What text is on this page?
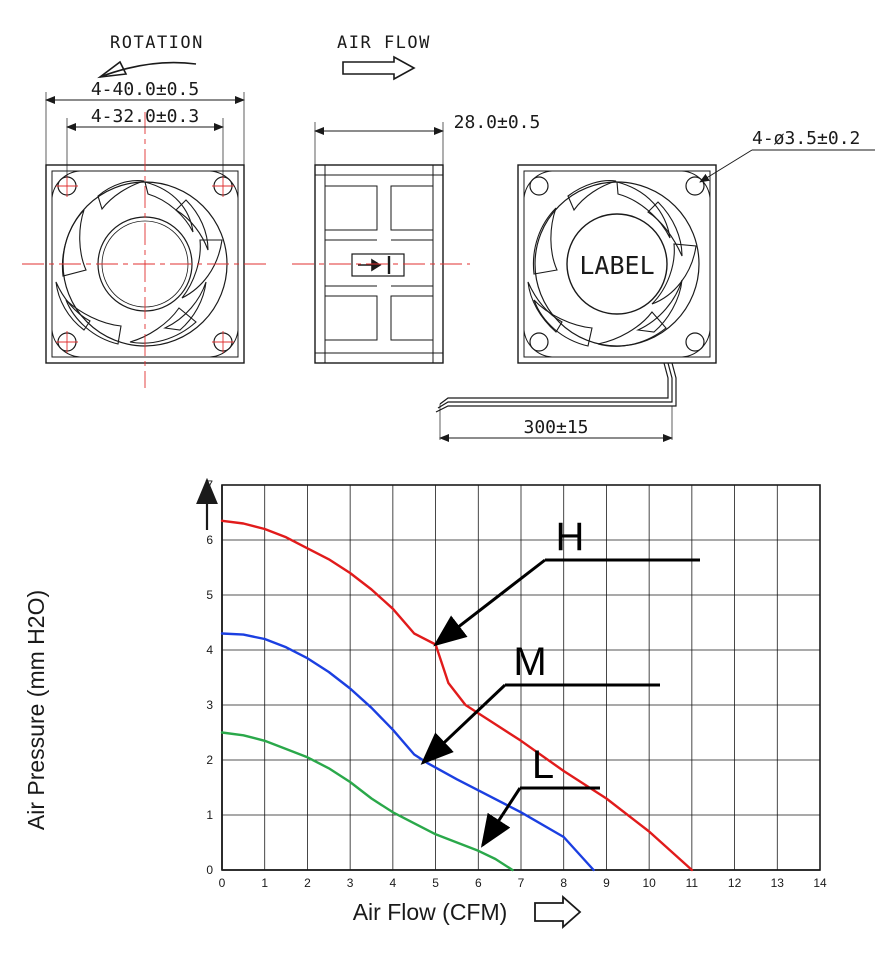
ROTATION	AIR FLOW
4-40.0±0.5
4-32.0±0.3	28.0±0.5
LABEL
4-ø3.5±0.2
300±15
0	1	2	3	4	5	6	7	8	9	10 11 12 13 14
0
1
2
3
4
5
6
7
H
M
L
Air Pressure (mm H2O)
Air Flow (CFM)
